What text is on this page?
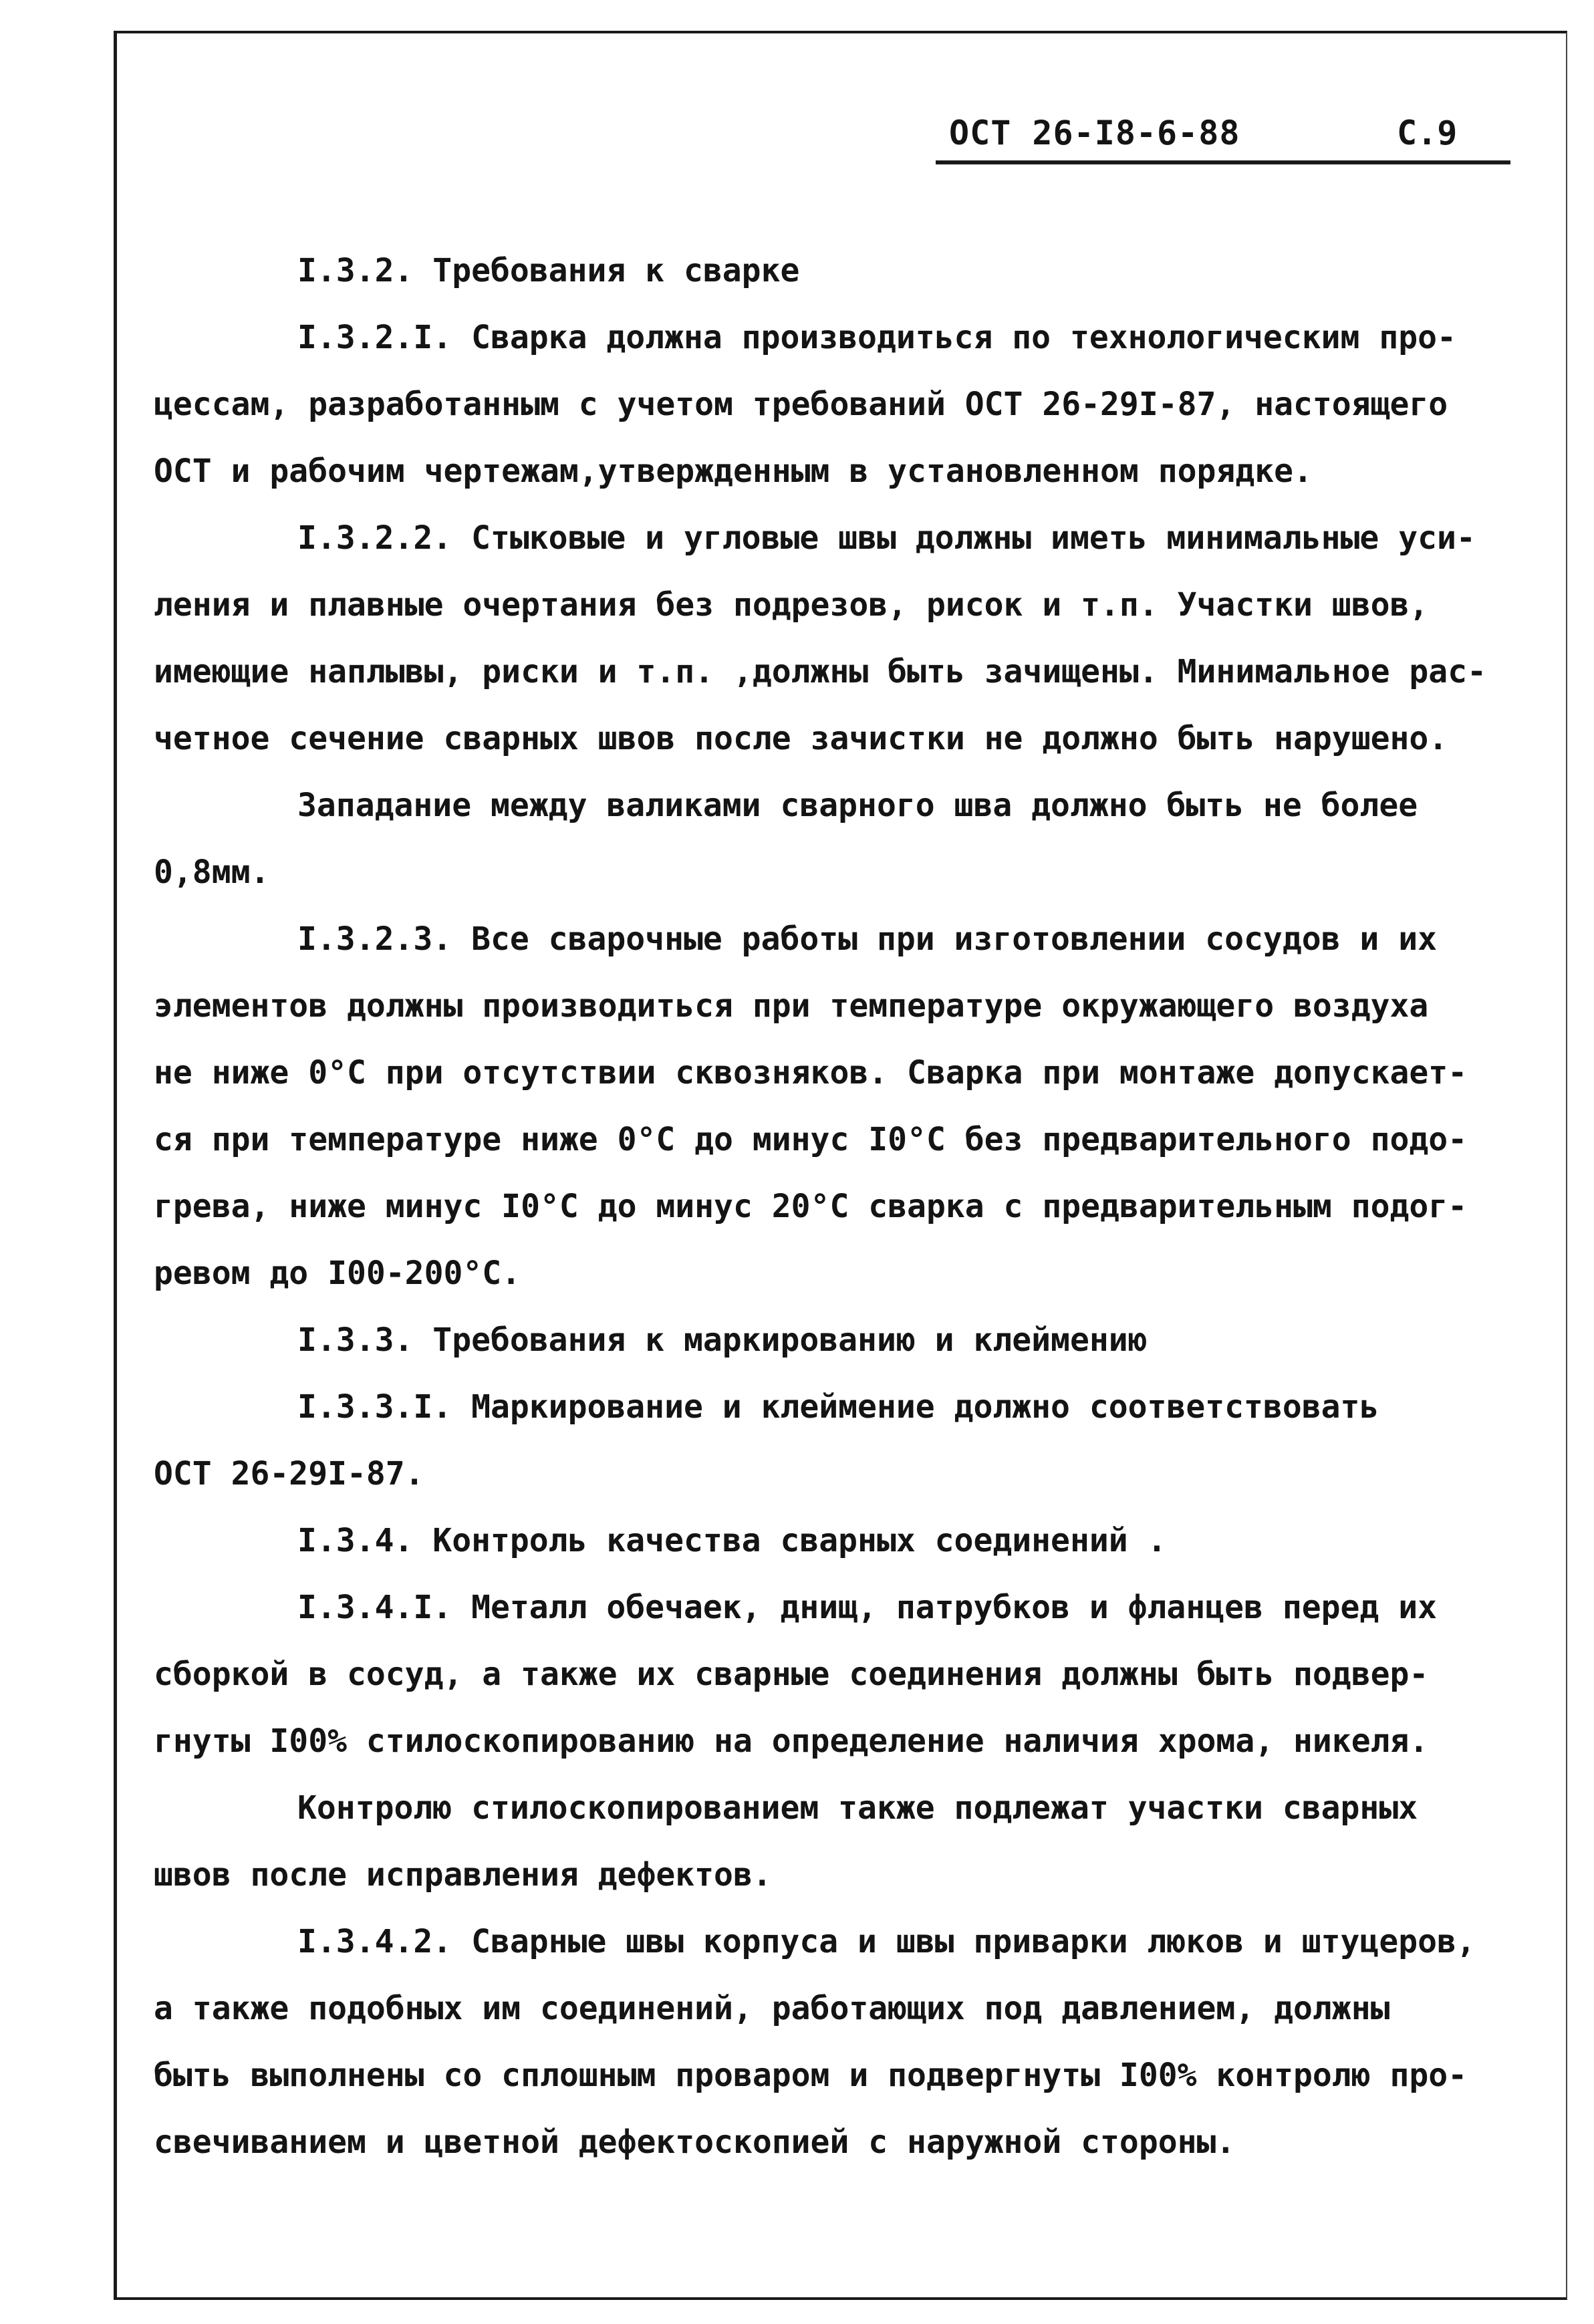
ОСТ 26-I8-6-88	С.9
I.3.2. Требования к сварке
I.3.2.I. Сварка должна производиться по технологическим про-
цессам, разработанным с учетом требований ОСТ 26-29I-87, настоящего
ОСТ и рабочим чертежам,утвержденным в установленном порядке.
I.3.2.2. Стыковые и угловые швы должны иметь минимальные уси-
ления и плавные очертания без подрезов, рисок и т.п. Участки швов,
имеющие наплывы, риски и т.п. ,должны быть зачищены. Минимальное рас-
четное сечение сварных швов после зачистки не должно быть нарушено.
Западание между валиками сварного шва должно быть не более
0,8мм.
I.3.2.3. Все сварочные работы при изготовлении сосудов и их
элементов должны производиться при температуре окружающего воздуха
не ниже 0°С при отсутствии сквозняков. Сварка при монтаже допускает-
ся при температуре ниже 0°С до минус I0°С без предварительного подо-
грева, ниже минус I0°С до минус 20°С сварка с предварительным подог-
ревом до I00-200°С.
I.3.3. Требования к маркированию и клеймению
I.3.3.I. Маркирование и клеймение должно соответствовать
ОСТ 26-29I-87.
I.3.4. Контроль качества сварных соединений .
I.3.4.I. Металл обечаек, днищ, патрубков и фланцев перед их
сборкой в сосуд, а также их сварные соединения должны быть подвер-
гнуты I00% стилоскопированию на определение наличия хрома, никеля.
Контролю стилоскопированием также подлежат участки сварных
швов после исправления дефектов.
I.3.4.2. Сварные швы корпуса и швы приварки люков и штуцеров,
а также подобных им соединений, работающих под давлением, должны
быть выполнены со сплошным проваром и подвергнуты I00% контролю про-
свечиванием и цветной дефектоскопией с наружной стороны.
